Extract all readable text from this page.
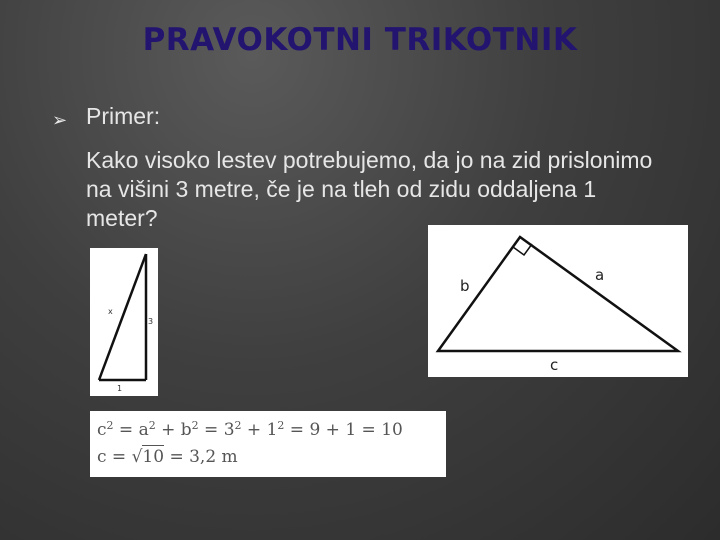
PRAVOKOTNI TRIKOTNIK
➢ Primer:
Kako visoko lestev potrebujemo, da jo na zid prislonimo na višini 3 metre, če je na tleh od zidu oddaljena 1 meter?
x
3
1
a
b
c
$c^2 = a^2 + b^2 = 3^2 + 1^2 = 9 + 1 = 10$
c = √10 = 3,2 m
